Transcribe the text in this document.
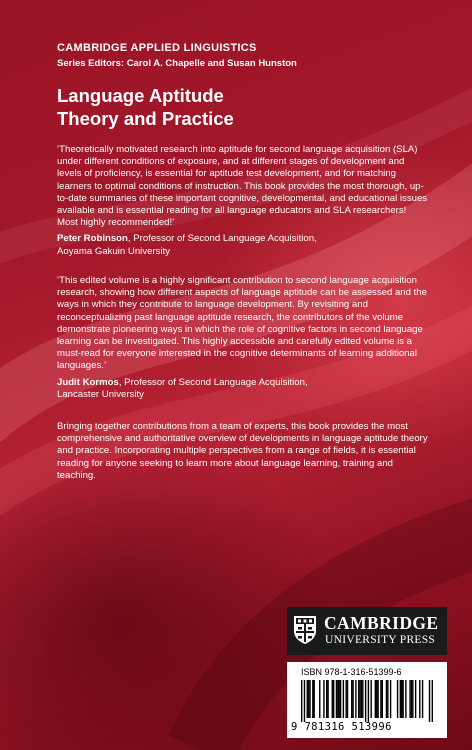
CAMBRIDGE APPLIED LINGUISTICS
Series Editors: Carol A. Chapelle and Susan Hunston
Language Aptitude
Theory and Practice

‘Theoretically motivated research into aptitude for second language acquisition (SLA) under different conditions of exposure, and at different stages of development and levels of proficiency, is essential for aptitude test development, and for matching learners to optimal conditions of instruction. This book provides the most thorough, up-to-date summaries of these important cognitive, developmental, and educational issues available and is essential reading for all language educators and SLA researchers! Most highly recommended!’

Peter Robinson, Professor of Second Language Acquisition,
Aoyama Gakuin University

‘This edited volume is a highly significant contribution to second language acquisition research, showing how different aspects of language aptitude can be assessed and the ways in which they contribute to language development. By revisiting and reconceptualizing past language aptitude research, the contributors of the volume demonstrate pioneering ways in which the role of cognitive factors in second language learning can be investigated. This highly accessible and carefully edited volume is a must-read for everyone interested in the cognitive determinants of learning additional languages.’

Judit Kormos, Professor of Second Language Acquisition,
Lancaster University

Bringing together contributions from a team of experts, this book provides the most comprehensive and authoritative overview of developments in language aptitude theory and practice. Incorporating multiple perspectives from a range of fields, it is essential reading for anyone seeking to learn more about language learning, training and teaching.

CAMBRIDGE
UNIVERSITY PRESS
ISBN 978-1-316-51399-6
9 781316 513996
